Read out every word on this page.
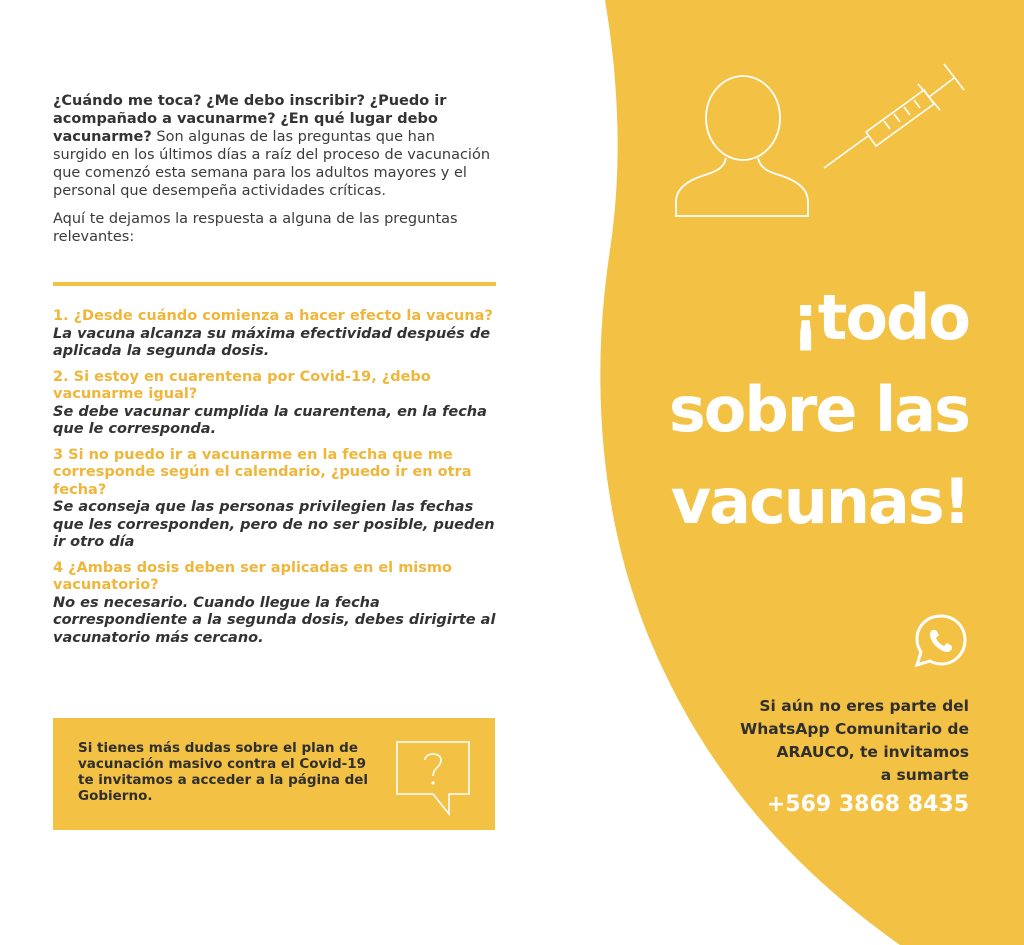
¿Cuándo me toca? ¿Me debo inscribir? ¿Puedo ir acompañado a vacunarme? ¿En qué lugar debo vacunarme? Son algunas de las preguntas que han surgido en los últimos días a raíz del proceso de vacunación que comenzó esta semana para los adultos mayores y el personal que desempeña actividades críticas.

Aquí te dejamos la respuesta a alguna de las preguntas relevantes:

1. ¿Desde cuándo comienza a hacer efecto la vacuna? La vacuna alcanza su máxima efectividad después de aplicada la segunda dosis.
2. Si estoy en cuarentena por Covid-19, ¿debo vacunarme igual?
Se debe vacunar cumplida la cuarentena, en la fecha que le corresponda.
3 Si no puedo ir a vacunarme en la fecha que me corresponde según el calendario, ¿puedo ir en otra fecha?
Se aconseja que las personas privilegien las fechas que les corresponden, pero de no ser posible, pueden ir otro día
4 ¿Ambas dosis deben ser aplicadas en el mismo vacunatorio?
No es necesario. Cuando llegue la fecha correspondiente a la segunda dosis, debes dirigirte al vacunatorio más cercano.
Si tienes más dudas sobre el plan de vacunación masivo contra el Covid-19 te invitamos a acceder a la página del Gobierno.
¡todo
sobre las
vacunas!
Si aún no eres parte del
WhatsApp Comunitario de
ARAUCO, te invitamos
a sumarte
+569 3868 8435
